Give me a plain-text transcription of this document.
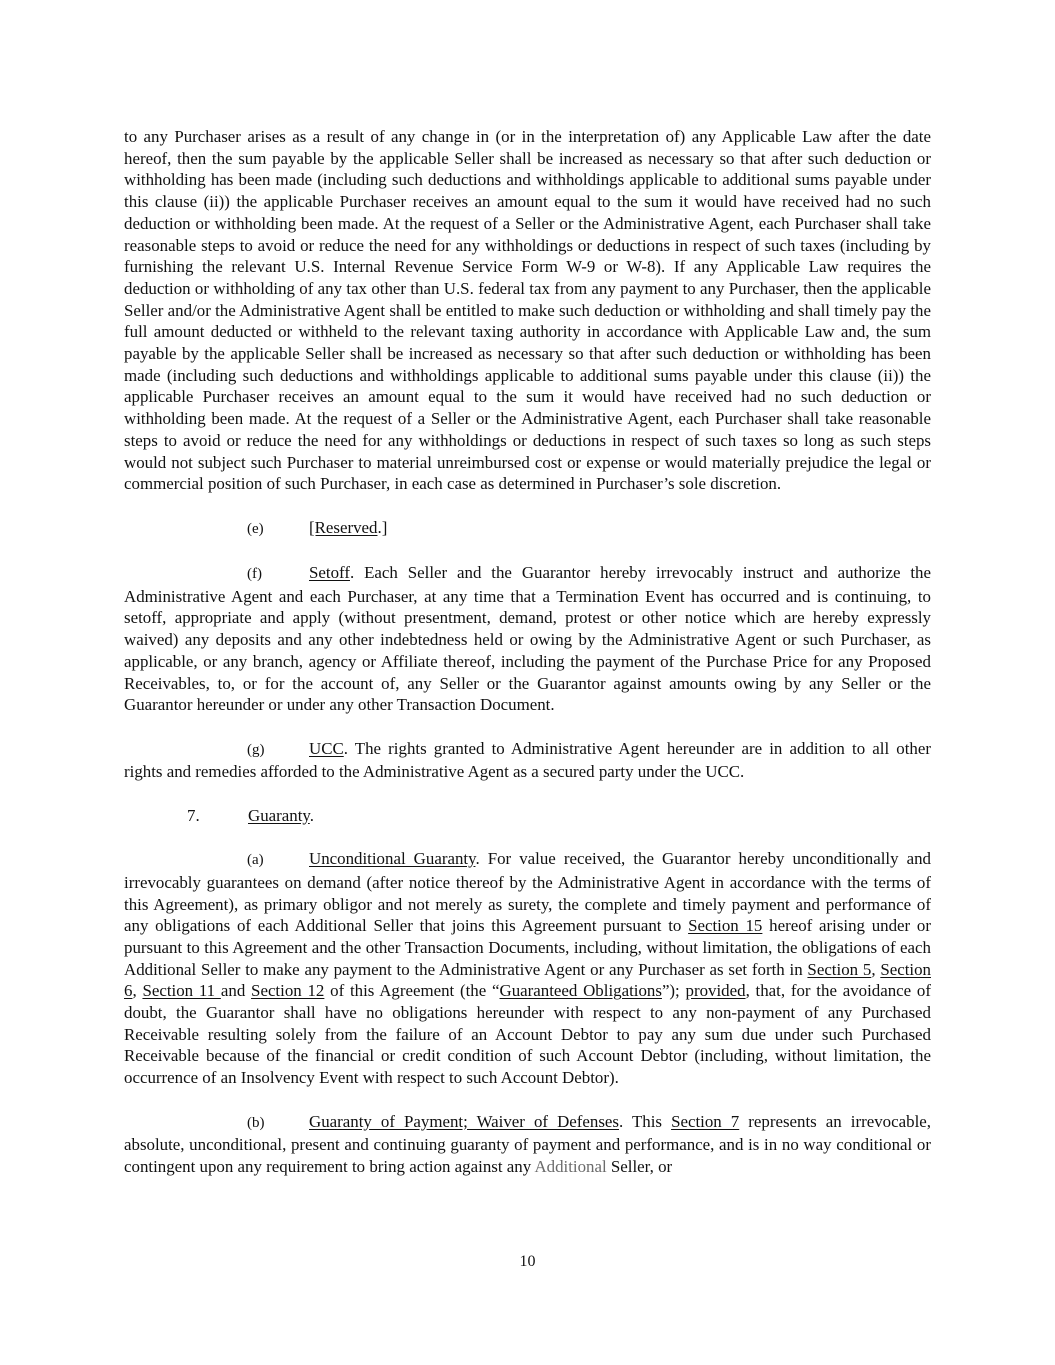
to any Purchaser arises as a result of any change in (or in the interpretation of) any Applicable Law after the date hereof, then the sum payable by the applicable Seller shall be increased as necessary so that after such deduction or withholding has been made (including such deductions and withholdings applicable to additional sums payable under this clause (ii)) the applicable Purchaser receives an amount equal to the sum it would have received had no such deduction or withholding been made. At the request of a Seller or the Administrative Agent, each Purchaser shall take reasonable steps to avoid or reduce the need for any withholdings or deductions in respect of such taxes (including by furnishing the relevant U.S. Internal Revenue Service Form W-9 or W-8). If any Applicable Law requires the deduction or withholding of any tax other than U.S. federal tax from any payment to any Purchaser, then the applicable Seller and/or the Administrative Agent shall be entitled to make such deduction or withholding and shall timely pay the full amount deducted or withheld to the relevant taxing authority in accordance with Applicable Law and, the sum payable by the applicable Seller shall be increased as necessary so that after such deduction or withholding has been made (including such deductions and withholdings applicable to additional sums payable under this clause (ii)) the applicable Purchaser receives an amount equal to the sum it would have received had no such deduction or withholding been made. At the request of a Seller or the Administrative Agent, each Purchaser shall take reasonable steps to avoid or reduce the need for any withholdings or deductions in respect of such taxes so long as such steps would not subject such Purchaser to material unreimbursed cost or expense or would materially prejudice the legal or commercial position of such Purchaser, in each case as determined in Purchaser’s sole discretion.

(e)	[Reserved.]

(f)	Setoff. Each Seller and the Guarantor hereby irrevocably instruct and authorize the Administrative Agent and each Purchaser, at any time that a Termination Event has occurred and is continuing, to setoff, appropriate and apply (without presentment, demand, protest or other notice which are hereby expressly waived) any deposits and any other indebtedness held or owing by the Administrative Agent or such Purchaser, as applicable, or any branch, agency or Affiliate thereof, including the payment of the Purchase Price for any Proposed Receivables, to, or for the account of, any Seller or the Guarantor against amounts owing by any Seller or the Guarantor hereunder or under any other Transaction Document.

(g)	UCC. The rights granted to Administrative Agent hereunder are in addition to all other rights and remedies afforded to the Administrative Agent as a secured party under the UCC.

7.	Guaranty.

(a)	Unconditional Guaranty. For value received, the Guarantor hereby unconditionally and irrevocably guarantees on demand (after notice thereof by the Administrative Agent in accordance with the terms of this Agreement), as primary obligor and not merely as surety, the complete and timely payment and performance of any obligations of each Additional Seller that joins this Agreement pursuant to Section 15 hereof arising under or pursuant to this Agreement and the other Transaction Documents, including, without limitation, the obligations of each Additional Seller to make any payment to the Administrative Agent or any Purchaser as set forth in Section 5, Section 6, Section 11 and Section 12 of this Agreement (the “Guaranteed Obligations”); provided, that, for the avoidance of doubt, the Guarantor shall have no obligations hereunder with respect to any non-payment of any Purchased Receivable resulting solely from the failure of an Account Debtor to pay any sum due under such Purchased Receivable because of the financial or credit condition of such Account Debtor (including, without limitation, the occurrence of an Insolvency Event with respect to such Account Debtor).

(b)	Guaranty of Payment; Waiver of Defenses. This Section 7 represents an irrevocable, absolute, unconditional, present and continuing guaranty of payment and performance, and is in no way conditional or contingent upon any requirement to bring action against any Additional Seller, or

10
